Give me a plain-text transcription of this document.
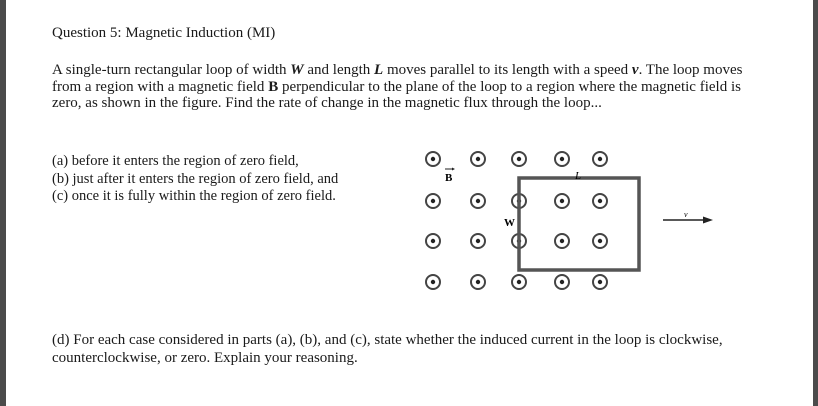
Question 5: Magnetic Induction (MI)
A single-turn rectangular loop of width W and length L moves parallel to its length with a speed v. The loop moves from a region with a magnetic field B perpendicular to the plane of the loop to a region where the magnetic field is zero, as shown in the figure. Find the rate of change in the magnetic flux through the loop...
(a) before it enters the region of zero field,
(b) just after it enters the region of zero field, and
(c) once it is fully within the region of zero field.
B
W
L
v
(d) For each case considered in parts (a), (b), and (c), state whether the induced current in the loop is clockwise, counterclockwise, or zero. Explain your reasoning.
